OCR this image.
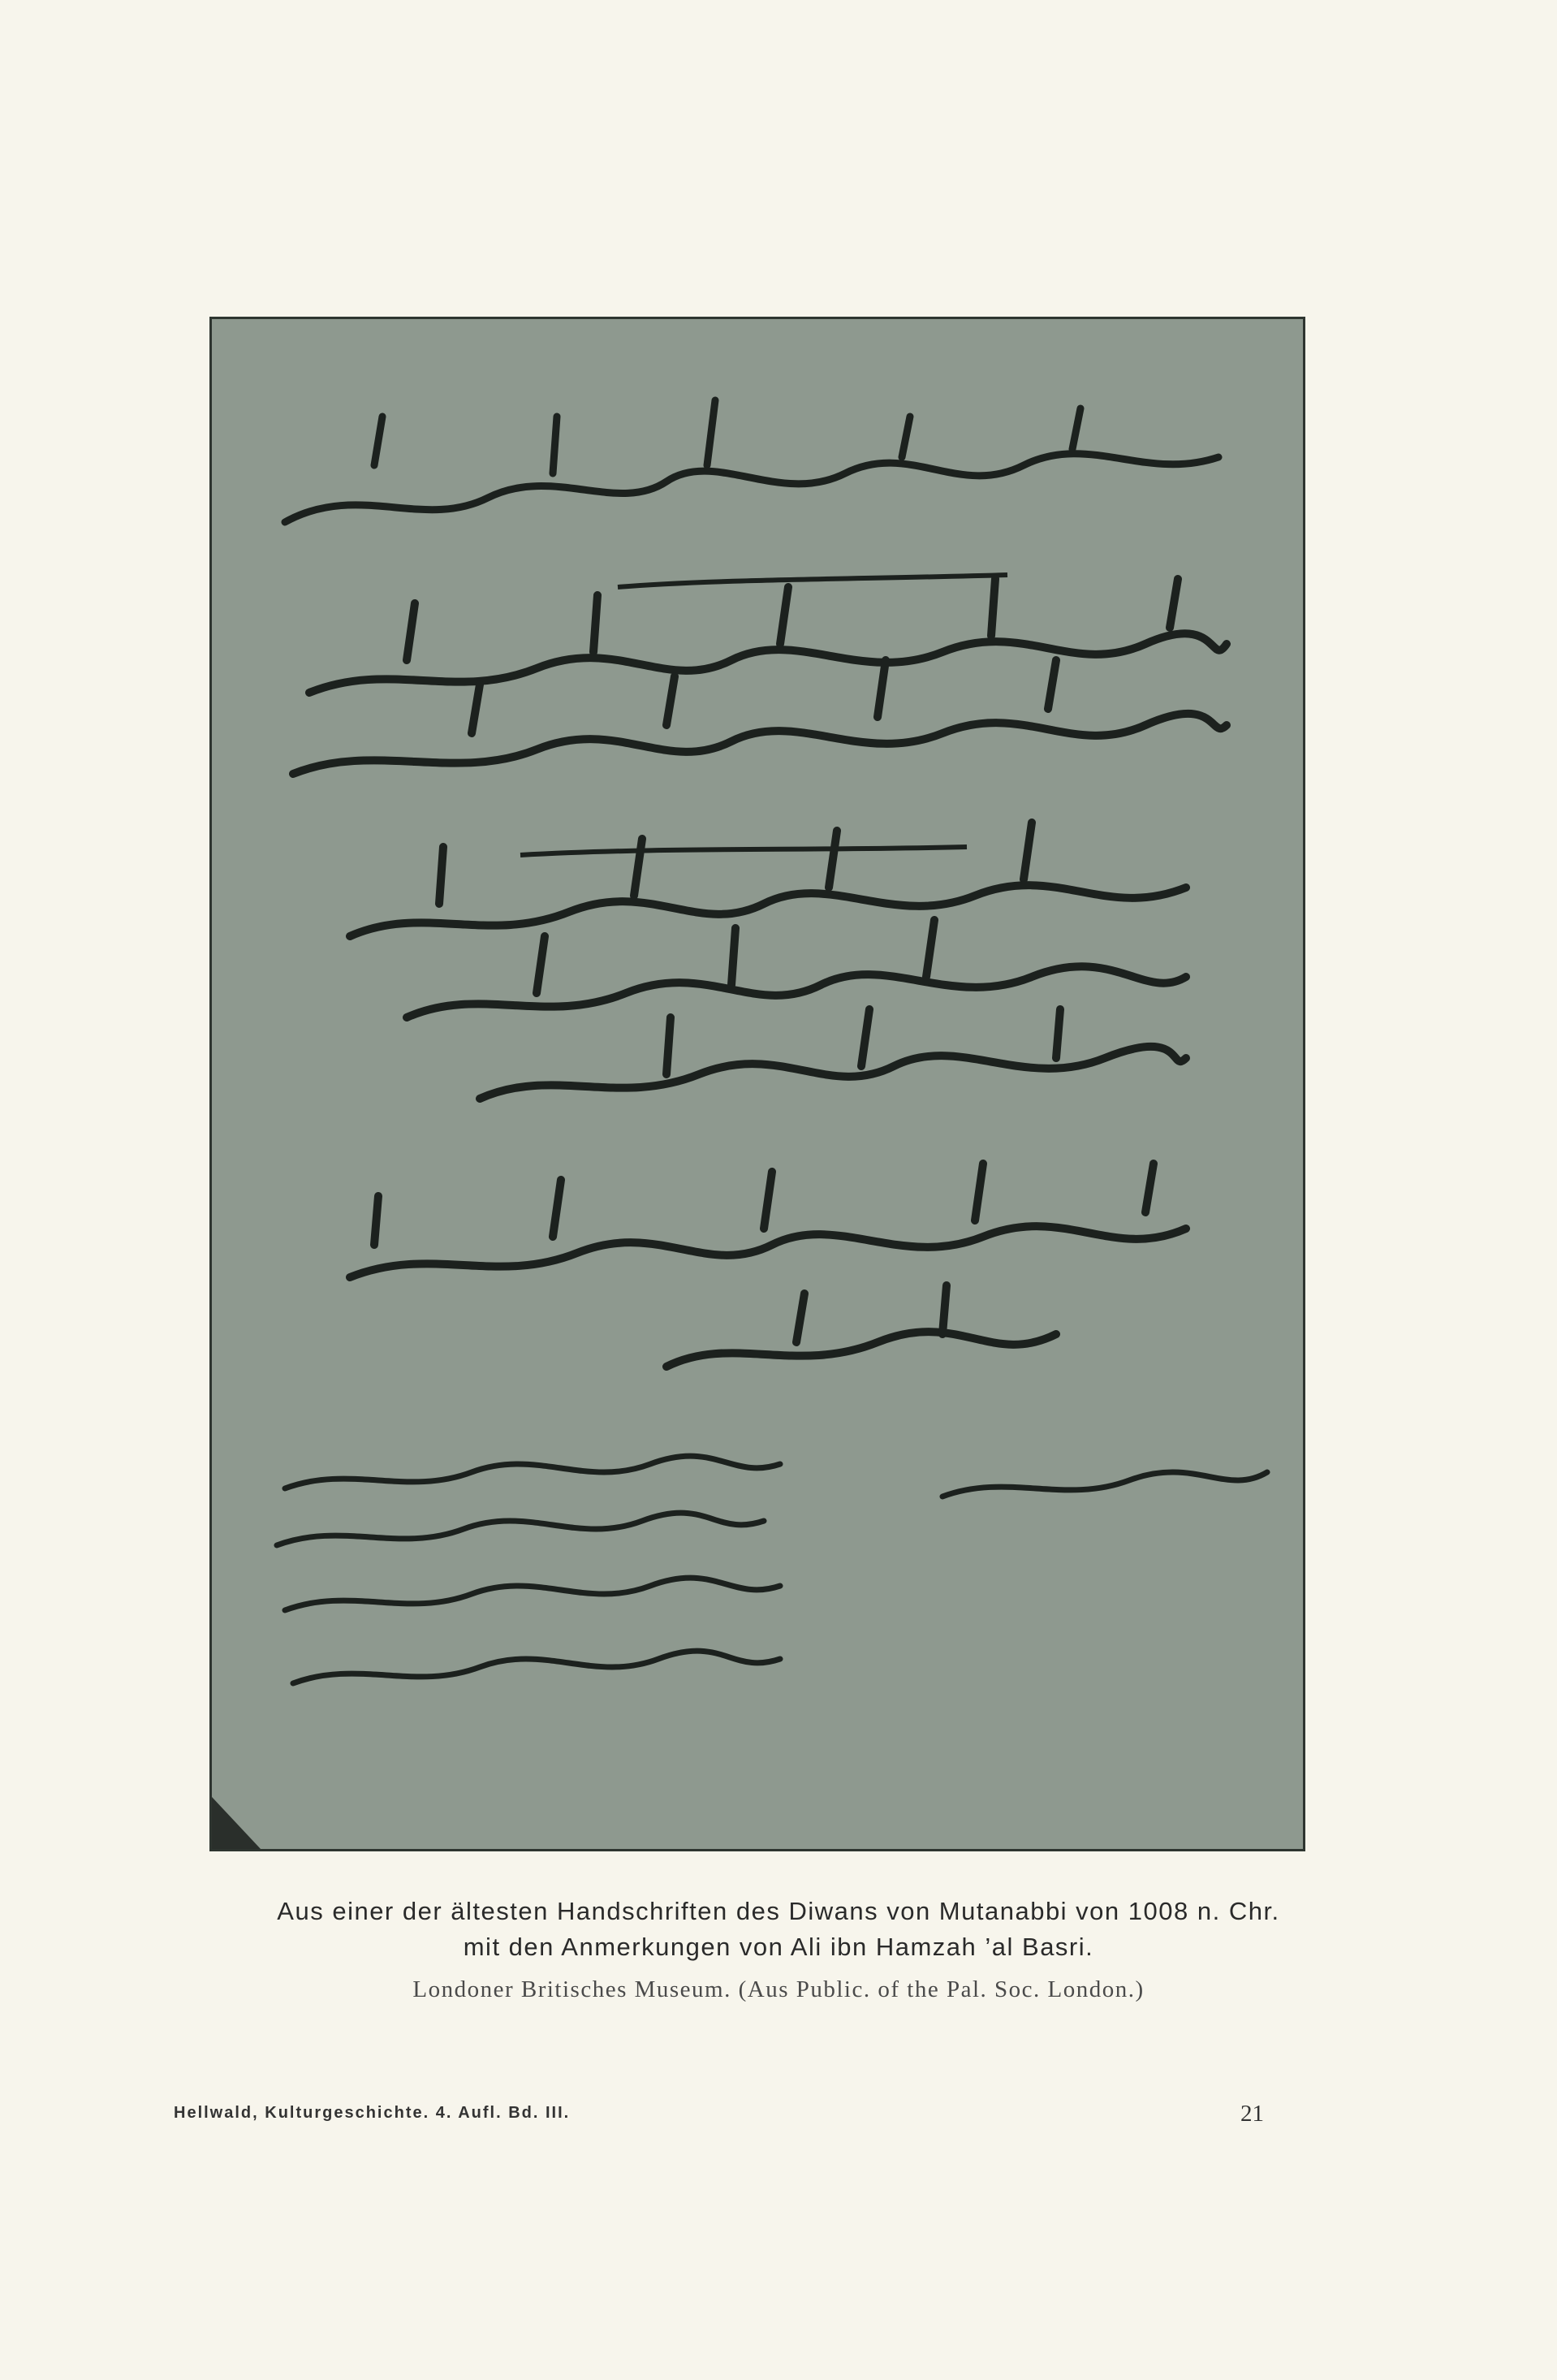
Aus einer der ältesten Handschriften des Diwans von Mutanabbi von 1008 n. Chr.
mit den Anmerkungen von Ali ibn Hamzah ’al Basri.
Londoner Britisches Museum. (Aus Public. of the Pal. Soc. London.)
Hellwald, Kulturgeschichte. 4. Aufl. Bd. III.	21
